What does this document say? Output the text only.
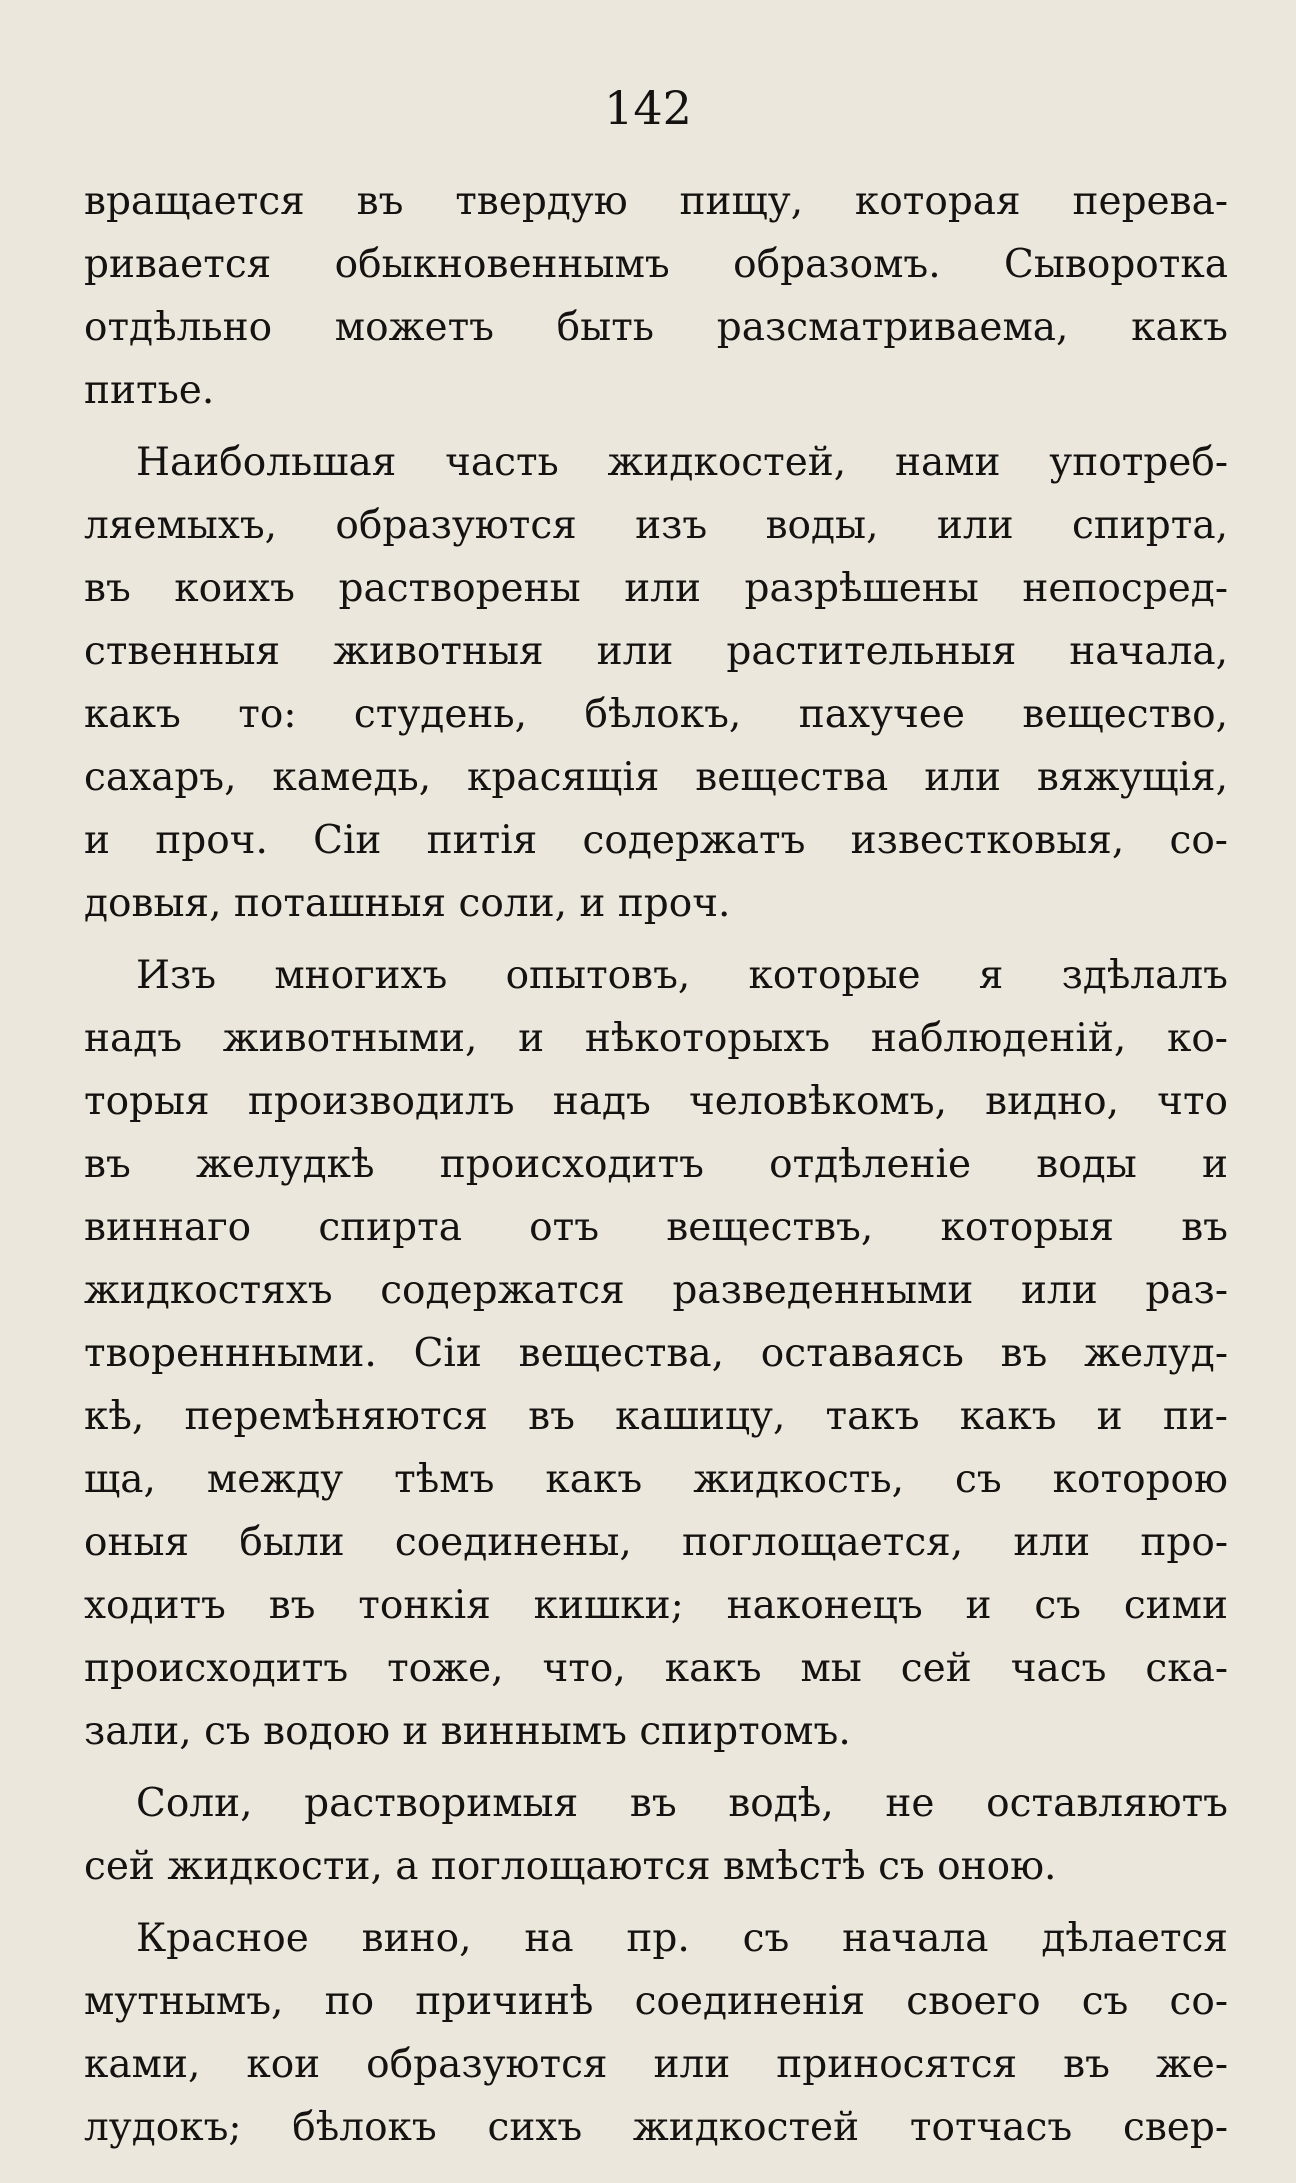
142
вращается въ твердую пищу, которая перева-
ривается обыкновеннымъ образомъ. Сыворотка
отдѣльно можетъ быть разсматриваема, какъ
питье.
Наибольшая часть жидкостей, нами употреб-
ляемыхъ, образуются изъ воды, или спирта,
въ коихъ растворены или разрѣшены непосред-
ственныя животныя или растительныя начала,
какъ то: студень, бѣлокъ, пахучее вещество,
сахаръ, камедь, красящія вещества или вяжущія,
и проч. Сіи питія содержатъ известковыя, со-
довыя, поташныя соли, и проч.
Изъ многихъ опытовъ, которые я здѣлалъ
надъ животными, и нѣкоторыхъ наблюденій, ко-
торыя производилъ надъ человѣкомъ, видно, что
въ желудкѣ происходитъ отдѣленіе воды и
виннаго спирта отъ веществъ, которыя въ
жидкостяхъ содержатся разведенными или раз-
твореннными. Сіи вещества, оставаясь въ желуд-
кѣ, перемѣняются въ кашицу, такъ какъ и пи-
ща, между тѣмъ какъ жидкость, съ которою
оныя были соединены, поглощается, или про-
ходитъ въ тонкія кишки; наконецъ и съ сими
происходитъ тоже, что, какъ мы сей часъ ска-
зали, съ водою и виннымъ спиртомъ.
Соли, растворимыя въ водѣ, не оставляютъ
сей жидкости, а поглощаются вмѣстѣ съ оною.
Красное вино, на пр. съ начала дѣлается
мутнымъ, по причинѣ соединенія своего съ со-
ками, кои образуются или приносятся въ же-
лудокъ; бѣлокъ сихъ жидкостей тотчасъ свер-
